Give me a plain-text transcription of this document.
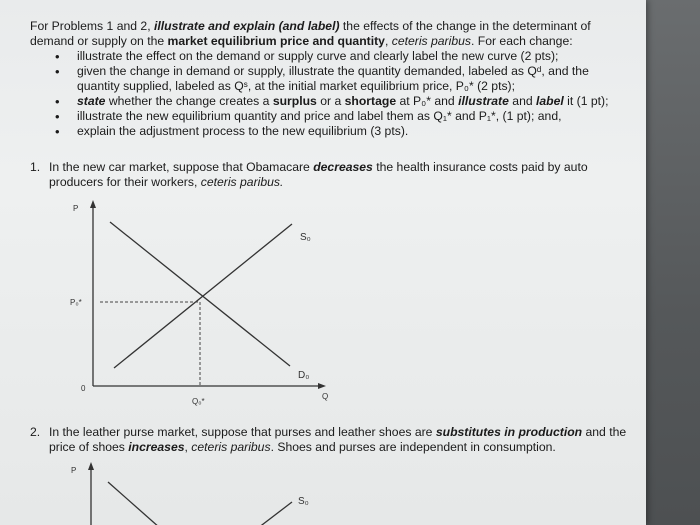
For Problems 1 and 2, illustrate and explain (and label) the effects of the change in the determinant of demand or supply on the market equilibrium price and quantity, ceteris paribus. For each change:

• illustrate the effect on the demand or supply curve and clearly label the new curve (2 pts);
• given the change in demand or supply, illustrate the quantity demanded, labeled as Qᵈ, and the quantity supplied, labeled as Qˢ, at the initial market equilibrium price, P₀* (2 pts);
• state whether the change creates a surplus or a shortage at P₀* and illustrate and label it (1 pt);
• illustrate the new equilibrium quantity and price and label them as Q₁* and P₁*, (1 pt); and,
• explain the adjustment process to the new equilibrium (3 pts).
1. In the new car market, suppose that Obamacare decreases the health insurance costs paid by auto producers for their workers, ceteris paribus.
P
Q
0
S₀
D₀
P₀*
Q₀*
2. In the leather purse market, suppose that purses and leather shoes are substitutes in production and the price of shoes increases, ceteris paribus. Shoes and purses are independent in consumption.
P
S₀
